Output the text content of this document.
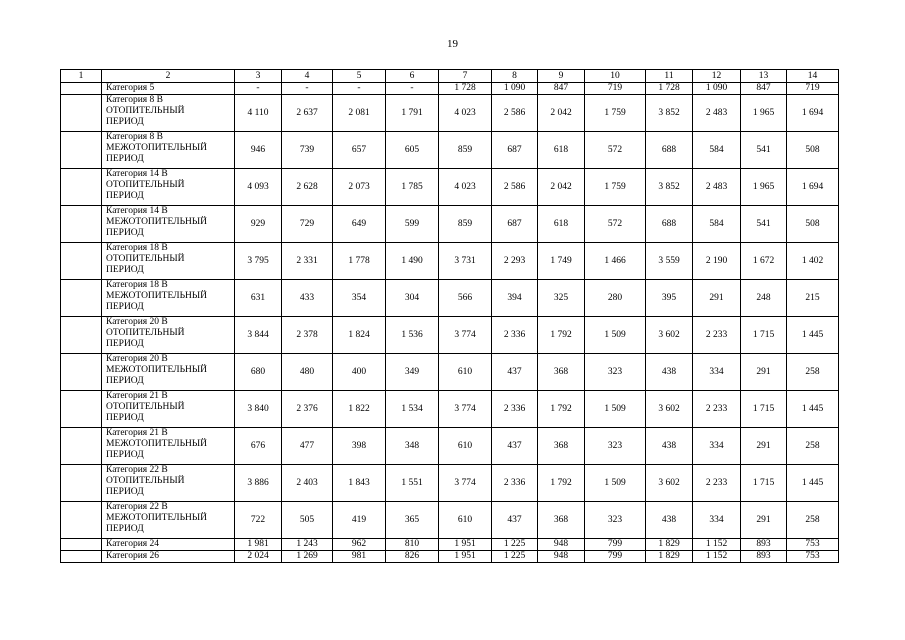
19
1	2	3	4	5	6	7	8	9	10	11	12	13	14

	Категория 5	-	-	-	-	1 728	1 090	847	719	1 728	1 090	847	719

	Категория 8 В
ОТОПИТЕЛЬНЫЙ
ПЕРИОД	4 110	2 637	2 081	1 791	4 023	2 586	2 042	1 759	3 852	2 483	1 965	1 694

	Категория 8 В
МЕЖОТОПИТЕЛЬНЫЙ
ПЕРИОД	946	739	657	605	859	687	618	572	688	584	541	508

	Категория 14 В
ОТОПИТЕЛЬНЫЙ
ПЕРИОД	4 093	2 628	2 073	1 785	4 023	2 586	2 042	1 759	3 852	2 483	1 965	1 694

	Категория 14 В
МЕЖОТОПИТЕЛЬНЫЙ
ПЕРИОД	929	729	649	599	859	687	618	572	688	584	541	508

	Категория 18 В
ОТОПИТЕЛЬНЫЙ
ПЕРИОД	3 795	2 331	1 778	1 490	3 731	2 293	1 749	1 466	3 559	2 190	1 672	1 402

	Категория 18 В
МЕЖОТОПИТЕЛЬНЫЙ
ПЕРИОД	631	433	354	304	566	394	325	280	395	291	248	215

	Категория 20 В
ОТОПИТЕЛЬНЫЙ
ПЕРИОД	3 844	2 378	1 824	1 536	3 774	2 336	1 792	1 509	3 602	2 233	1 715	1 445

	Категория 20 В
МЕЖОТОПИТЕЛЬНЫЙ
ПЕРИОД	680	480	400	349	610	437	368	323	438	334	291	258

	Категория 21 В
ОТОПИТЕЛЬНЫЙ
ПЕРИОД	3 840	2 376	1 822	1 534	3 774	2 336	1 792	1 509	3 602	2 233	1 715	1 445

	Категория 21 В
МЕЖОТОПИТЕЛЬНЫЙ
ПЕРИОД	676	477	398	348	610	437	368	323	438	334	291	258

	Категория 22 В
ОТОПИТЕЛЬНЫЙ
ПЕРИОД	3 886	2 403	1 843	1 551	3 774	2 336	1 792	1 509	3 602	2 233	1 715	1 445

	Категория 22 В
МЕЖОТОПИТЕЛЬНЫЙ
ПЕРИОД	722	505	419	365	610	437	368	323	438	334	291	258

	Категория 24	1 981	1 243	962	810	1 951	1 225	948	799	1 829	1 152	893	753

	Категория 26	2 024	1 269	981	826	1 951	1 225	948	799	1 829	1 152	893	753
